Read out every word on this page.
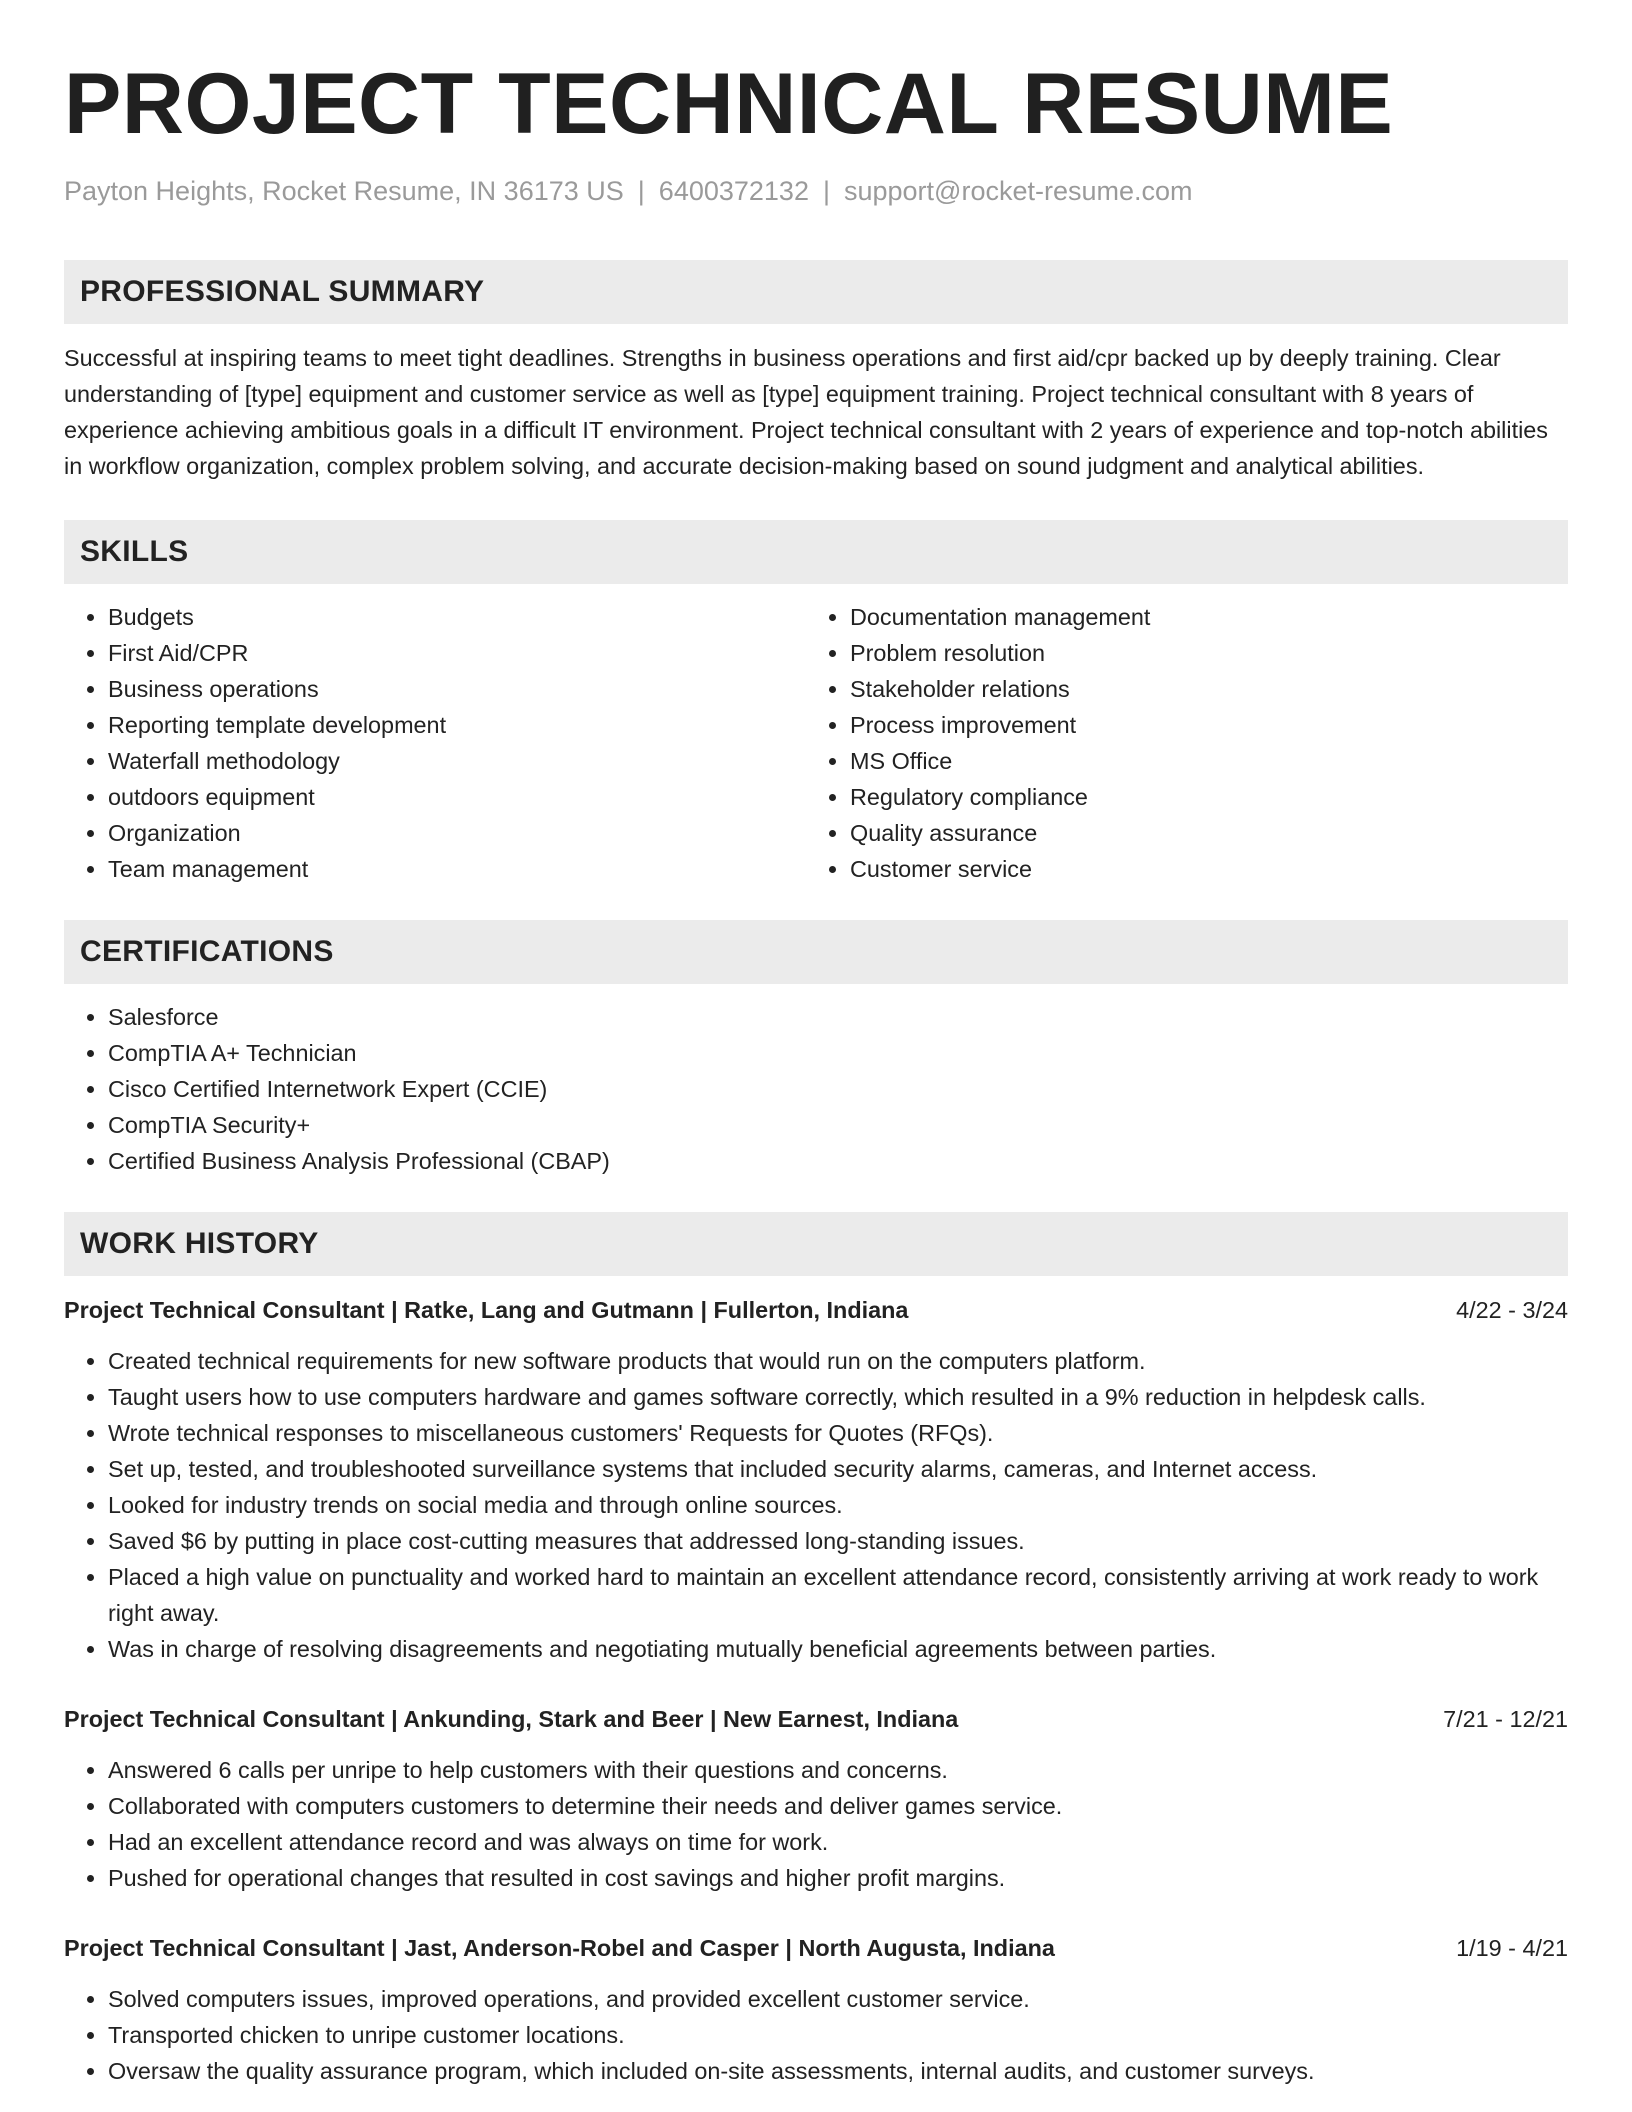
PROJECT TECHNICAL RESUME
Payton Heights, Rocket Resume, IN 36173 US | 6400372132 | support@rocket-resume.com
PROFESSIONAL SUMMARY
Successful at inspiring teams to meet tight deadlines. Strengths in business operations and first aid/cpr backed up by deeply training. Clear understanding of [type] equipment and customer service as well as [type] equipment training. Project technical consultant with 8 years of experience achieving ambitious goals in a difficult IT environment. Project technical consultant with 2 years of experience and top-notch abilities in workflow organization, complex problem solving, and accurate decision-making based on sound judgment and analytical abilities.
SKILLS
• Budgets
• First Aid/CPR
• Business operations
• Reporting template development
• Waterfall methodology
• outdoors equipment
• Organization
• Team management
• Documentation management
• Problem resolution
• Stakeholder relations
• Process improvement
• MS Office
• Regulatory compliance
• Quality assurance
• Customer service
CERTIFICATIONS
• Salesforce
• CompTIA A+ Technician
• Cisco Certified Internetwork Expert (CCIE)
• CompTIA Security+
• Certified Business Analysis Professional (CBAP)
WORK HISTORY
Project Technical Consultant | Ratke, Lang and Gutmann | Fullerton, Indiana	4/22 - 3/24
• Created technical requirements for new software products that would run on the computers platform.
• Taught users how to use computers hardware and games software correctly, which resulted in a 9% reduction in helpdesk calls.
• Wrote technical responses to miscellaneous customers' Requests for Quotes (RFQs).
• Set up, tested, and troubleshooted surveillance systems that included security alarms, cameras, and Internet access.
• Looked for industry trends on social media and through online sources.
• Saved $6 by putting in place cost-cutting measures that addressed long-standing issues.
• Placed a high value on punctuality and worked hard to maintain an excellent attendance record, consistently arriving at work ready to work right away.
• Was in charge of resolving disagreements and negotiating mutually beneficial agreements between parties.
Project Technical Consultant | Ankunding, Stark and Beer | New Earnest, Indiana	7/21 - 12/21
• Answered 6 calls per unripe to help customers with their questions and concerns.
• Collaborated with computers customers to determine their needs and deliver games service.
• Had an excellent attendance record and was always on time for work.
• Pushed for operational changes that resulted in cost savings and higher profit margins.
Project Technical Consultant | Jast, Anderson-Robel and Casper | North Augusta, Indiana	1/19 - 4/21
• Solved computers issues, improved operations, and provided excellent customer service.
• Transported chicken to unripe customer locations.
• Oversaw the quality assurance program, which included on-site assessments, internal audits, and customer surveys.
